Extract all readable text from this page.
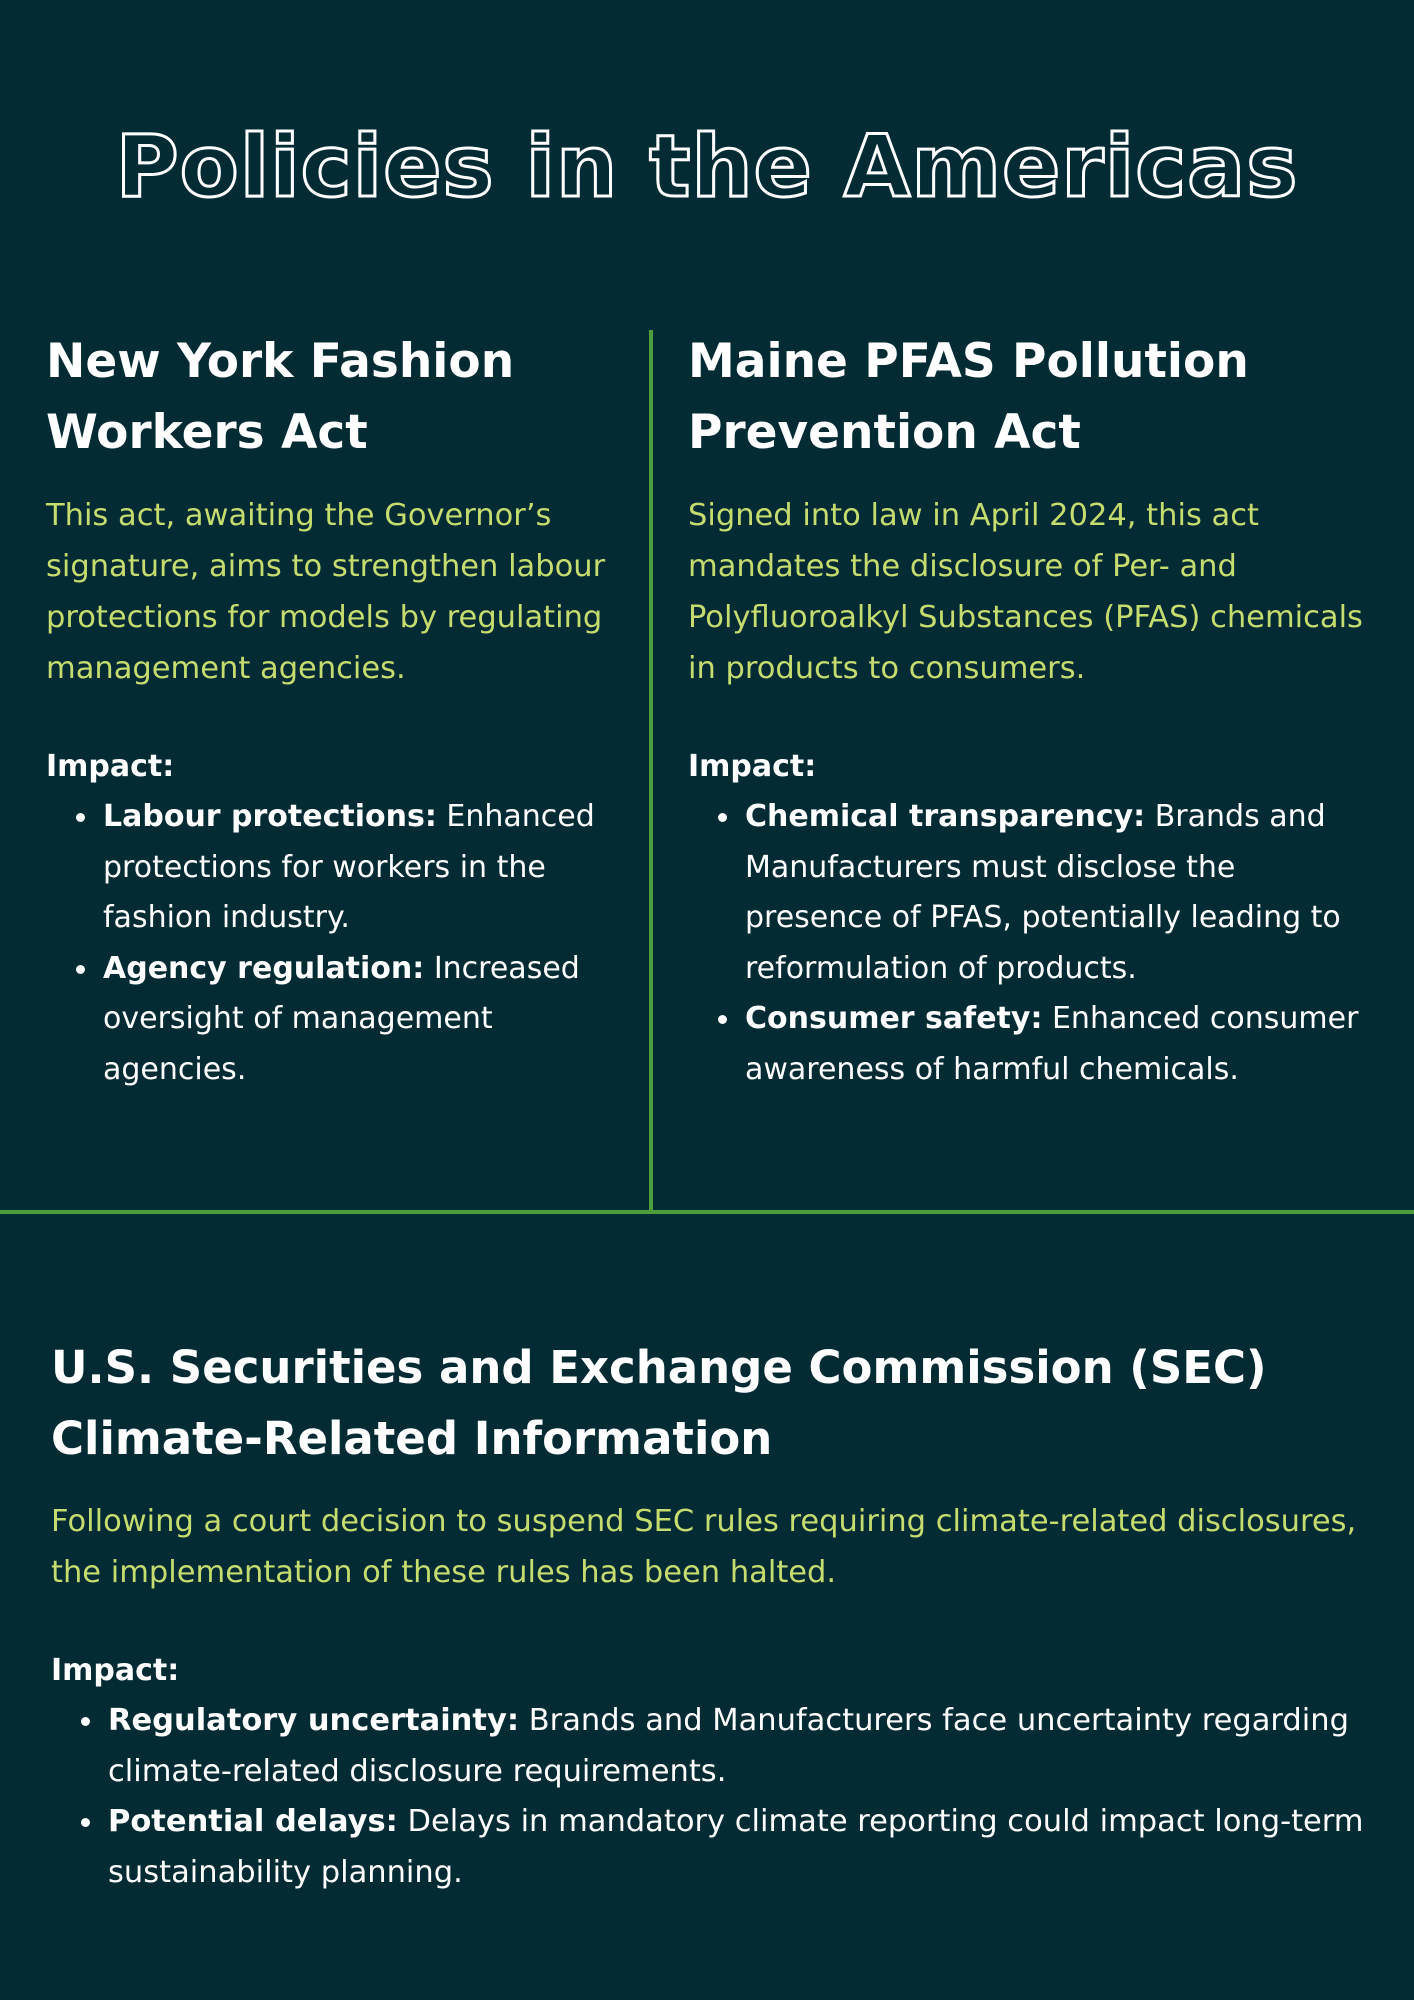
Policies in the Americas
New York Fashion Workers Act

This act, awaiting the Governor’s signature, aims to strengthen labour protections for models by regulating management agencies.

Impact:
Labour protections: Enhanced protections for workers in the fashion industry.
Agency regulation: Increased oversight of management agencies.
Maine PFAS Pollution Prevention Act

Signed into law in April 2024, this act mandates the disclosure of Per- and Polyfluoroalkyl Substances (PFAS) chemicals in products to consumers.

Impact:
Chemical transparency: Brands and Manufacturers must disclose the presence of PFAS, potentially leading to reformulation of products.
Consumer safety: Enhanced consumer awareness of harmful chemicals.
U.S. Securities and Exchange Commission (SEC) Climate-Related Information

Following a court decision to suspend SEC rules requiring climate-related disclosures, the implementation of these rules has been halted.

Impact:
Regulatory uncertainty: Brands and Manufacturers face uncertainty regarding climate-related disclosure requirements.
Potential delays: Delays in mandatory climate reporting could impact long-term sustainability planning.
